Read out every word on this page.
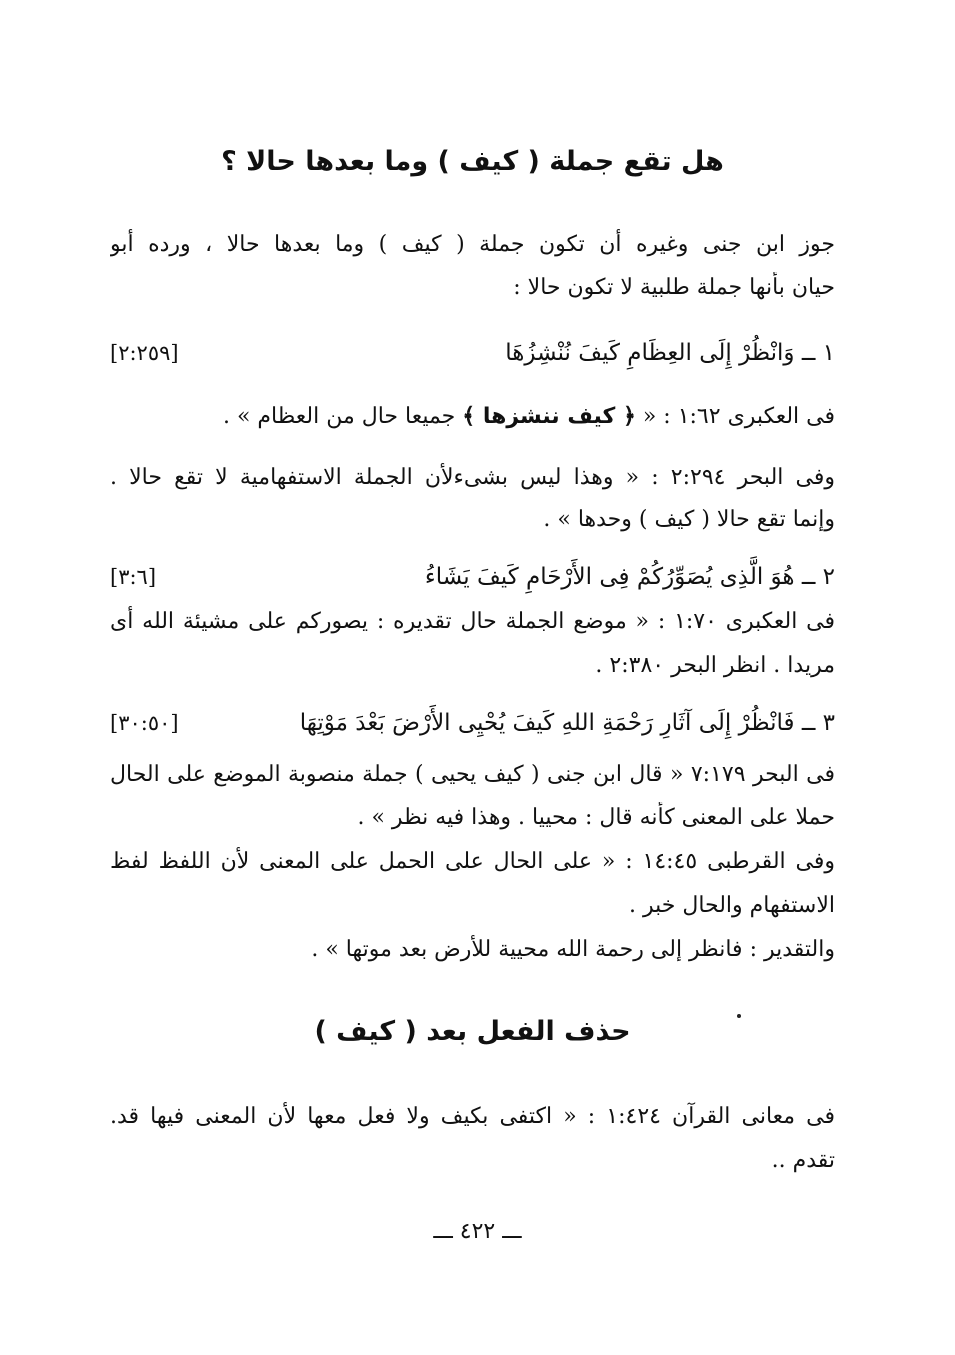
هل تقع جملة ( كيف ) وما بعدها حالا ؟
جوز ابن جنى وغيره أن تكون جملة ( كيف ) وما بعدها حالا ، ورده أبو
حيان بأنها جملة طلبية لا تكون حالا :
١ ــ وَانْظُرْ إِلَى العِظَامِ كَيفَ نُنْشِزُهَا
[٢:٢٥٩]
فى العكبرى ١:٦٢ : « ﴿ كيف ننشزها ﴾ جميعا حال من العظام » .
وفى البحر ٢:٢٩٤ : « وهذا ليس بشىءلأن الجملة الاستفهامية لا تقع حالا .
وإنما تقع حالا ( كيف ) وحدها » .
٢ ــ هُوَ الَّذِى يُصَوِّرُكُمْ فِى الأَرْحَامِ كَيفَ يَشَاءُ
[٣:٦]
فى العكبرى ١:٧٠ : « موضع الجملة حال تقديره : يصوركم على مشيئة الله أى
مريدا . انظر البحر ٢:٣٨٠ .
٣ ــ فَانْظُرْ إِلَى آثَارِ رَحْمَةِ اللهِ كَيفَ يُحْيِى الأَرْضَ بَعْدَ مَوْتِهَا
[٣٠:٥٠]
فى البحر ٧:١٧٩ « قال ابن جنى ( كيف يحيى ) جملة منصوبة الموضع على الحال
حملا على المعنى كأنه قال : محييا . وهذا فيه نظر » .
وفى القرطبى ١٤:٤٥ : « على الحال على الحمل على المعنى لأن اللفظ لفظ
الاستفهام والحال خبر .
والتقدير : فانظر إلى رحمة الله محيية للأرض بعد موتها » .
حذف الفعل بعد ( كيف )
فى معانى القرآن ١:٤٢٤ : « اكتفى بكيف ولا فعل معها لأن المعنى فيها قد.
تقدم ..
ـــ ٤٢٢ ـــ
